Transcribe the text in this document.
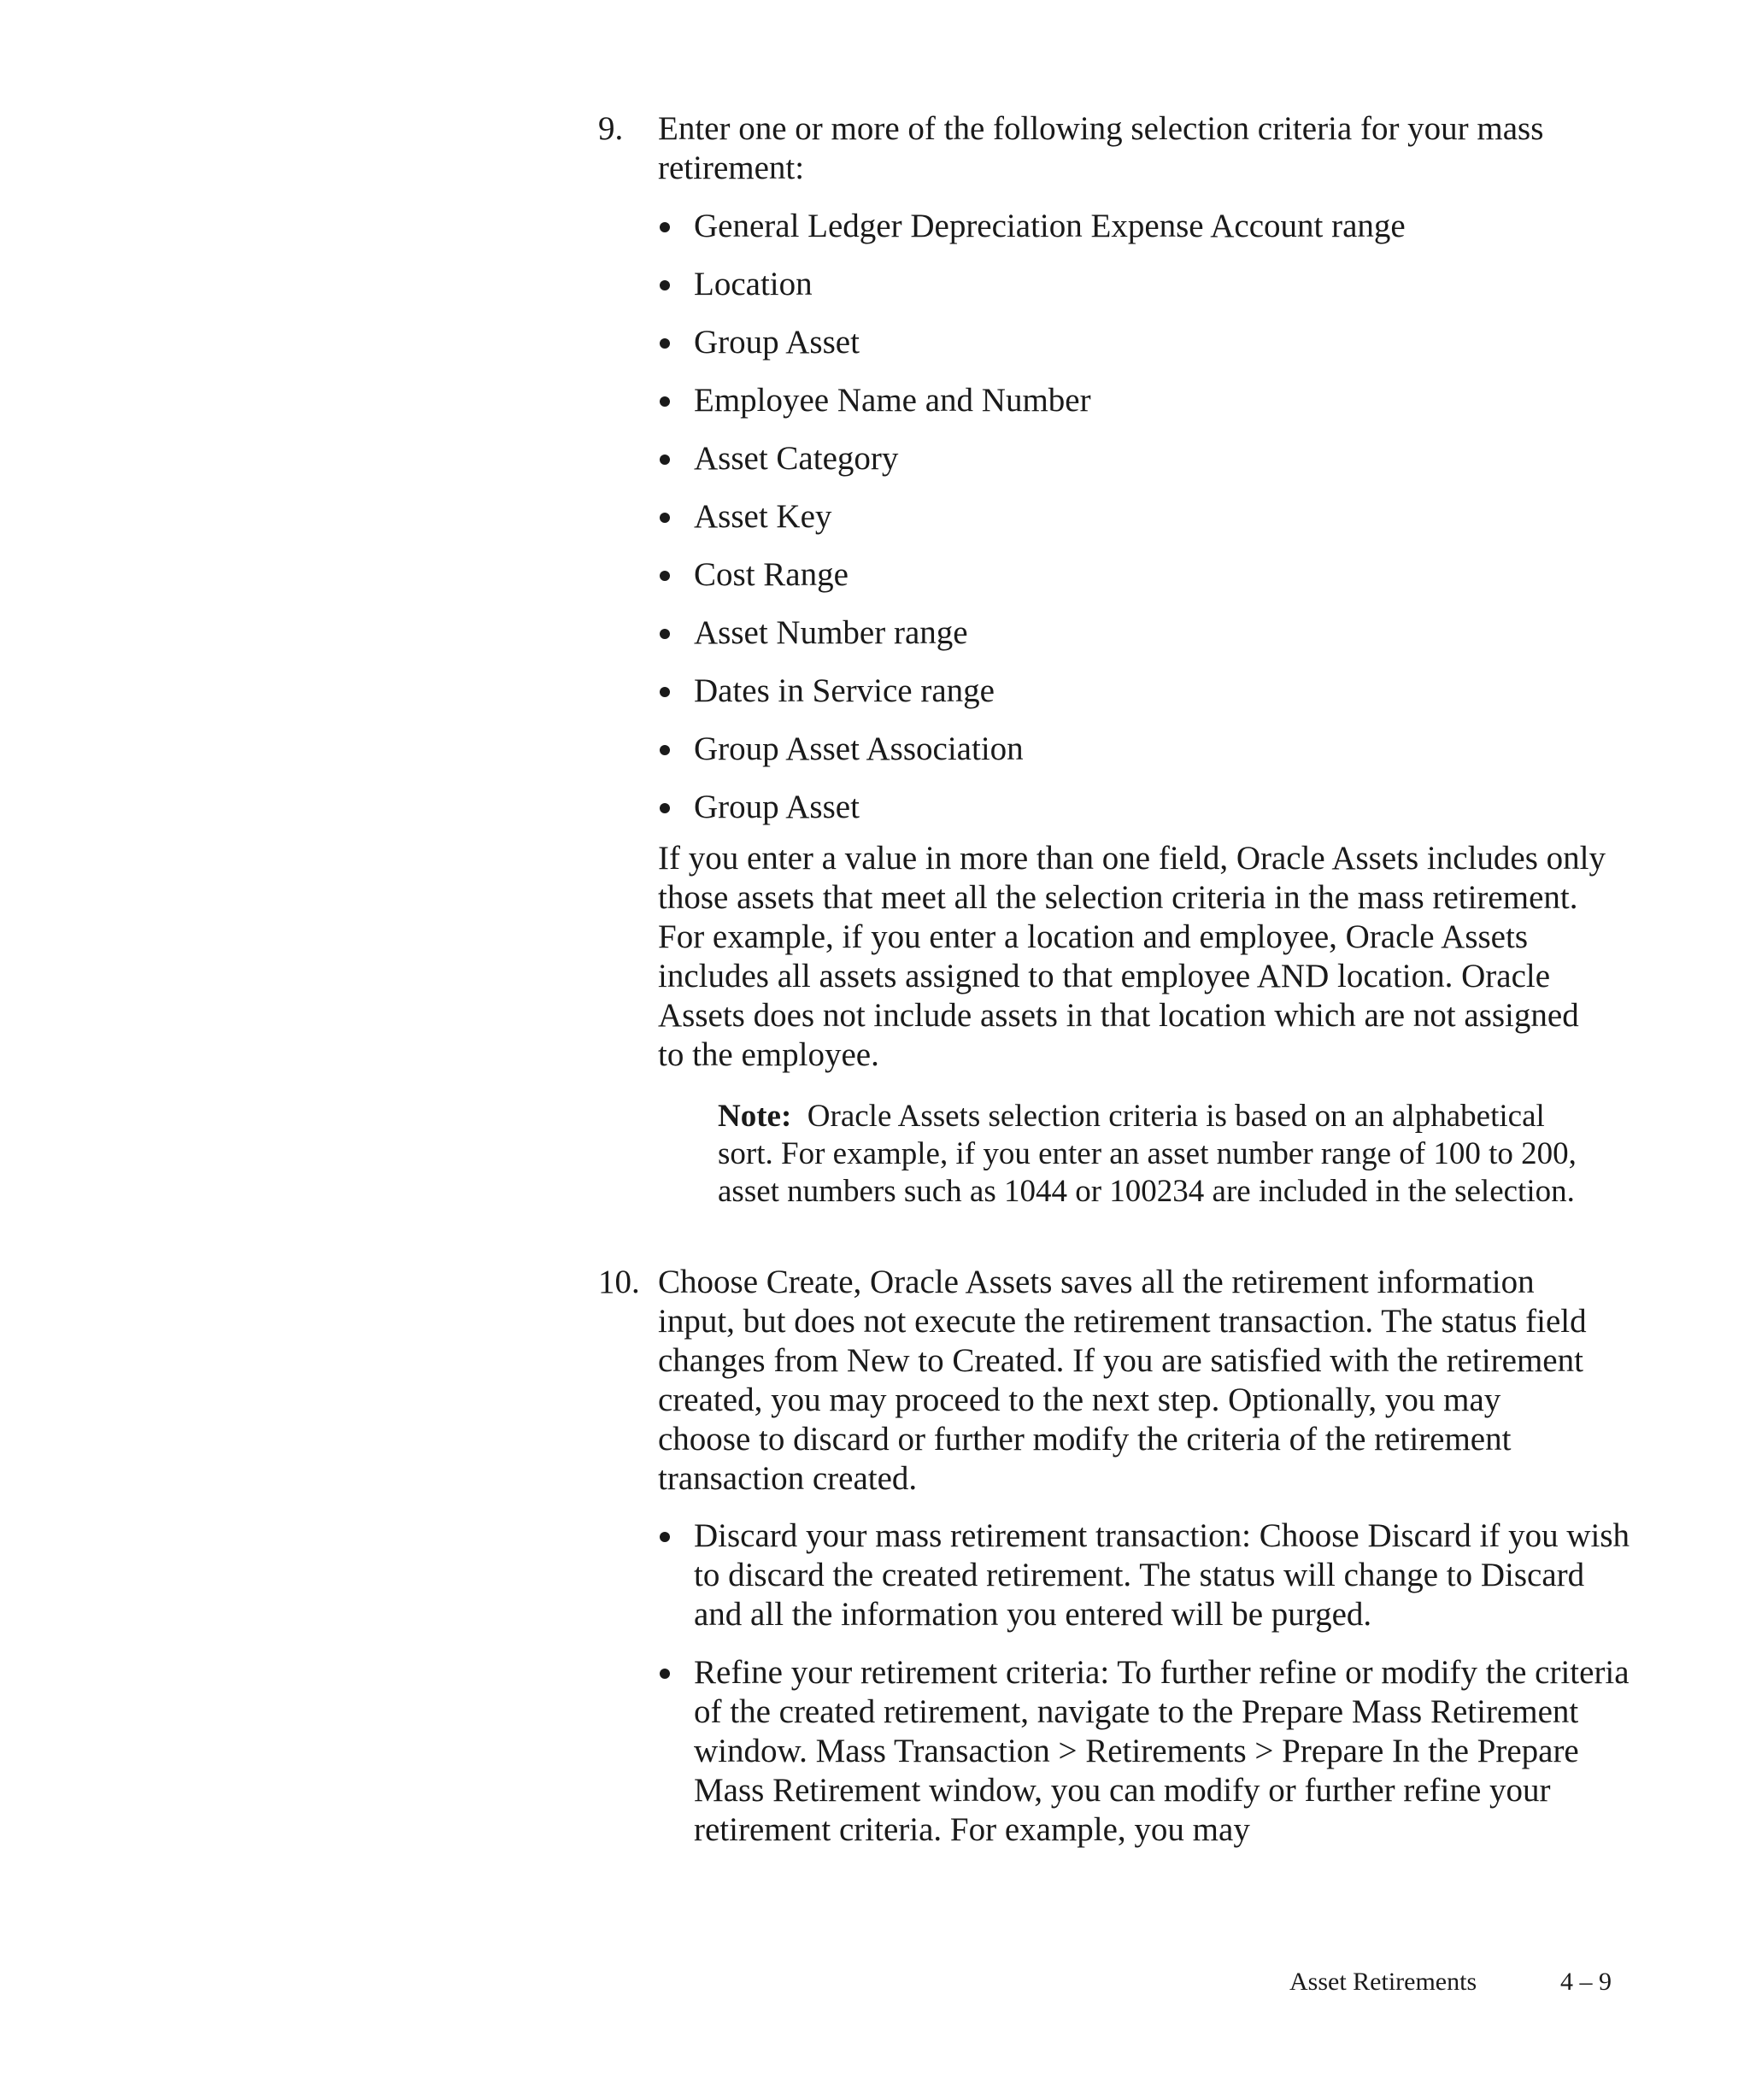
9.	Enter one or more of the following selection criteria for your mass retirement:

General Ledger Depreciation Expense Account range
Location
Group Asset
Employee Name and Number
Asset Category
Asset Key
Cost Range
Asset Number range
Dates in Service range
Group Asset Association
Group Asset

If you enter a value in more than one field, Oracle Assets includes only those assets that meet all the selection criteria in the mass retirement. For example, if you enter a location and employee, Oracle Assets includes all assets assigned to that employee AND location. Oracle Assets does not include assets in that location which are not assigned to the employee.

Note: Oracle Assets selection criteria is based on an alphabetical sort. For example, if you enter an asset number range of 100 to 200, asset numbers such as 1044 or 100234 are included in the selection.

10. Choose Create, Oracle Assets saves all the retirement information input, but does not execute the retirement transaction. The status field changes from New to Created. If you are satisfied with the retirement created, you may proceed to the next step. Optionally, you may choose to discard or further modify the criteria of the retirement transaction created.

Discard your mass retirement transaction: Choose Discard if you wish to discard the created retirement. The status will change to Discard and all the information you entered will be purged.
Refine your retirement criteria: To further refine or modify the criteria of the created retirement, navigate to the Prepare Mass Retirement window. Mass Transaction > Retirements > Prepare In the Prepare Mass Retirement window, you can modify or further refine your retirement criteria. For example, you may
Asset Retirements	4 – 9
